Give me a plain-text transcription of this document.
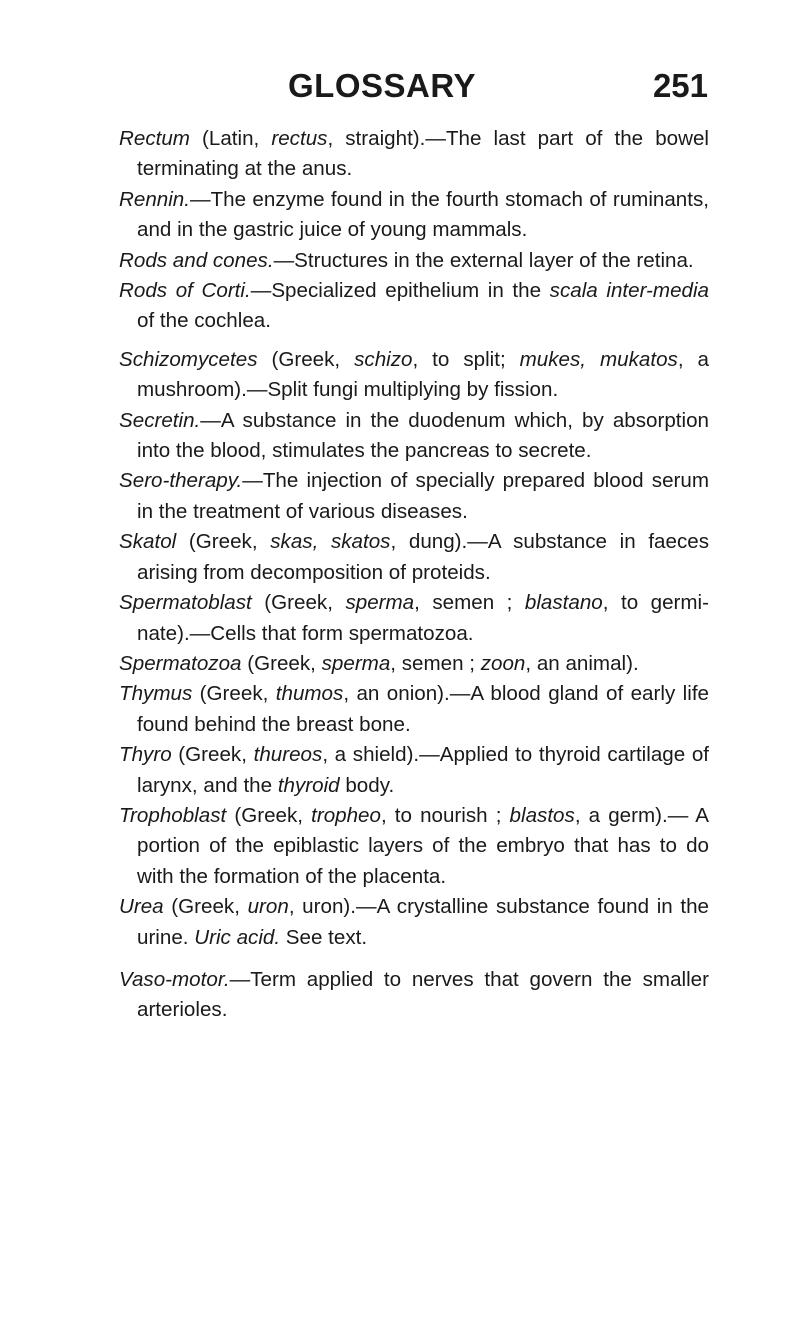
GLOSSARY	251

Rectum (Latin, rectus, straight).—The last part of the bowel terminating at the anus.

Rennin.—The enzyme found in the fourth stomach of ruminants, and in the gastric juice of young mammals.

Rods and cones.—Structures in the external layer of the retina.

Rods of Corti.—Specialized epithelium in the scala inter-media of the cochlea.

Schizomycetes (Greek, schizo, to split; mukes, mukatos, a mushroom).—Split fungi multiplying by fission.

Secretin.—A substance in the duodenum which, by absorption into the blood, stimulates the pancreas to secrete.

Sero-therapy.—The injection of specially prepared blood serum in the treatment of various diseases.

Skatol (Greek, skas, skatos, dung).—A substance in faeces arising from decomposition of proteids.

Spermatoblast (Greek, sperma, semen ; blastano, to germi-nate).—Cells that form spermatozoa.

Spermatozoa (Greek, sperma, semen ; zoon, an animal).

Thymus (Greek, thumos, an onion).—A blood gland of early life found behind the breast bone.

Thyro (Greek, thureos, a shield).—Applied to thyroid cartilage of larynx, and the thyroid body.

Trophoblast (Greek, tropheo, to nourish ; blastos, a germ).— A portion of the epiblastic layers of the embryo that has to do with the formation of the placenta.

Urea (Greek, uron, uron).—A crystalline substance found in the urine. Uric acid. See text.

Vaso-motor.—Term applied to nerves that govern the smaller arterioles.
